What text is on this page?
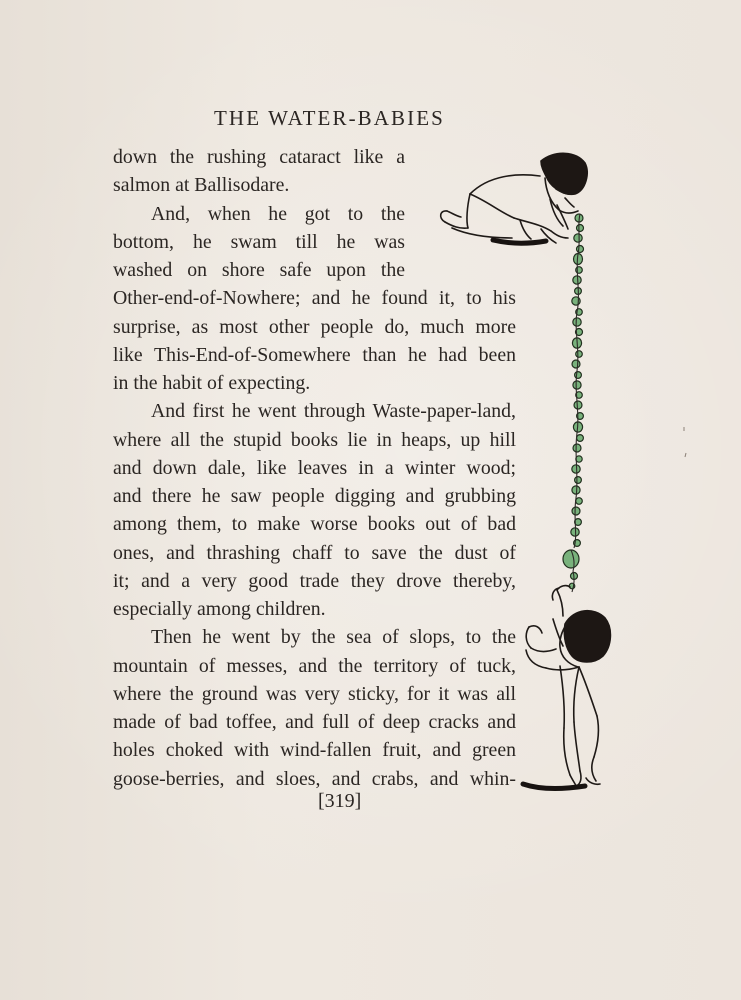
THE WATER-BABIES
down the rushing cataract like a
salmon at Ballisodare.
And, when he got to the
bottom, he swam till he was
washed on shore safe upon the
Other-end-of-Nowhere; and he found it, to his
surprise, as most other people do, much more
like This-End-of-Somewhere than he had been
in the habit of expecting.
And first he went through Waste-paper-land,
where all the stupid books lie in heaps, up hill
and down dale, like leaves in a winter wood;
and there he saw people digging and grubbing
among them, to make worse books out of bad
ones, and thrashing chaff to save the dust of
it; and a very good trade they drove thereby,
especially among children.
Then he went by the sea of slops, to the
mountain of messes, and the territory of tuck,
where the ground was very sticky, for it was all
made of bad toffee, and full of deep cracks and
holes choked with wind-fallen fruit, and green
goose-berries, and sloes, and crabs, and whin-
[319]
